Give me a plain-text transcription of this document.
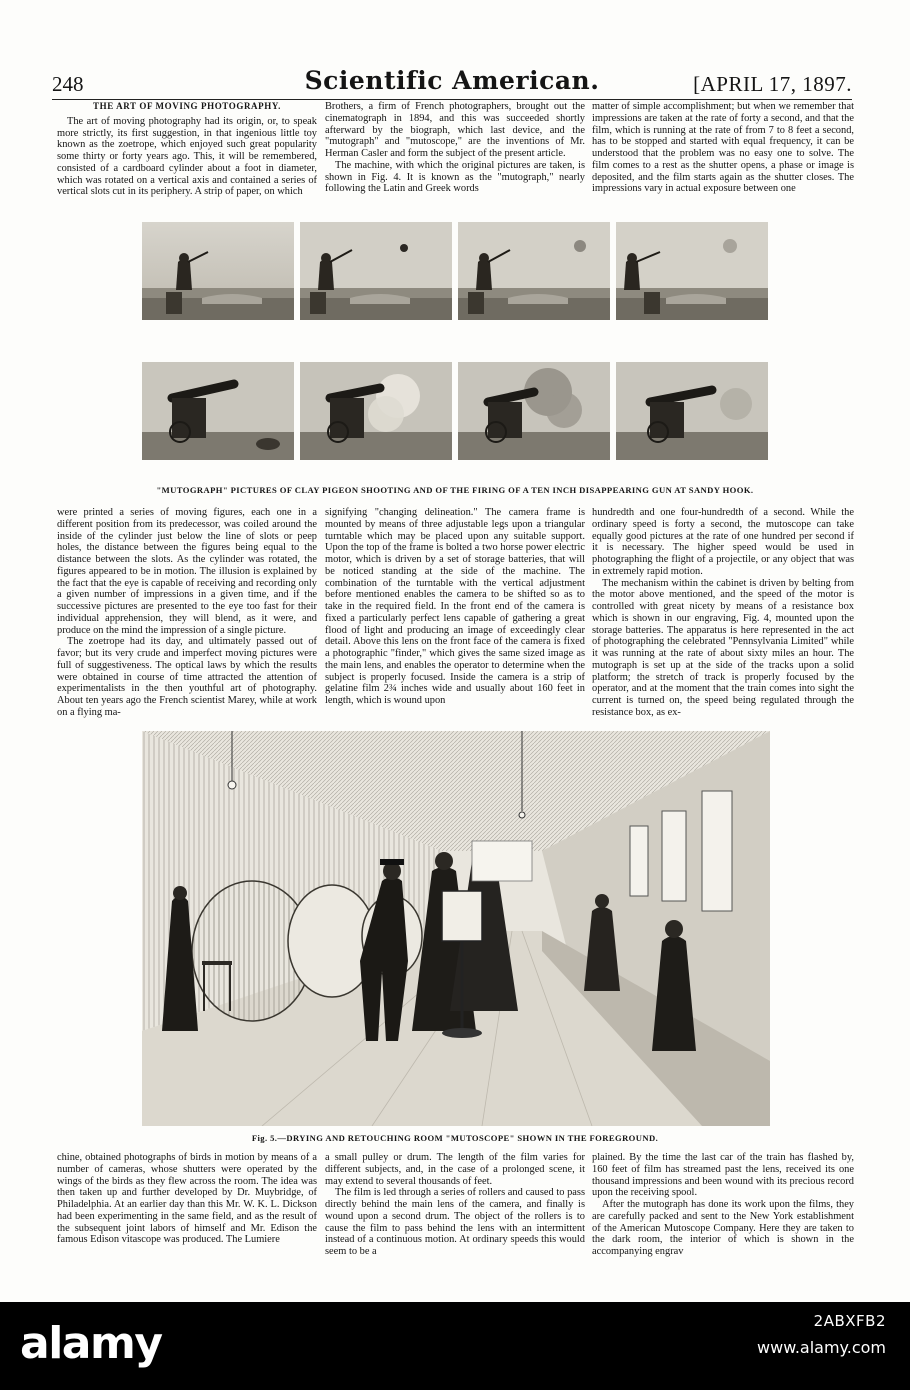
248	Scientific American.	[APRIL 17, 1897.
THE ART OF MOVING PHOTOGRAPHY.

The art of moving photography had its origin, or, to speak more strictly, its first suggestion, in that ingenious little toy known as the zoetrope, which enjoyed such great popularity some thirty or forty years ago. This, it will be remembered, consisted of a cardboard cylinder about a foot in diameter, which was rotated on a vertical axis and contained a series of vertical slots cut in its periphery. A strip of paper, on which

Brothers, a firm of French photographers, brought out the cinematograph in 1894, and this was succeeded shortly afterward by the biograph, which last device, and the "mutograph" and "mutoscope," are the inventions of Mr. Herman Casler and form the subject of the present article.

The machine, with which the original pictures are taken, is shown in Fig. 4. It is known as the "mutograph," nearly following the Latin and Greek words

matter of simple accomplishment; but when we remember that impressions are taken at the rate of forty a second, and that the film, which is running at the rate of from 7 to 8 feet a second, has to be stopped and started with equal frequency, it can be understood that the problem was no easy one to solve. The film comes to a rest as the shutter opens, a phase or image is deposited, and the film starts again as the shutter closes. The impressions vary in actual exposure between one

"MUTOGRAPH" PICTURES OF CLAY PIGEON SHOOTING AND OF THE FIRING OF A TEN INCH DISAPPEARING GUN AT SANDY HOOK.

were printed a series of moving figures, each one in a different position from its predecessor, was coiled around the inside of the cylinder just below the line of slots or peep holes, the distance between the figures being equal to the distance between the slots. As the cylinder was rotated, the figures appeared to be in motion. The illusion is explained by the fact that the eye is capable of receiving and recording only a given number of impressions in a given time, and if the successive pictures are presented to the eye too fast for their individual apprehension, they will blend, as it were, and produce on the mind the impression of a single picture.

The zoetrope had its day, and ultimately passed out of favor; but its very crude and imperfect moving pictures were full of suggestiveness. The optical laws by which the results were obtained in course of time attracted the attention of experimentalists in the then youthful art of photography. About ten years ago the French scientist Marey, while at work on a flying ma-

signifying "changing delineation." The camera frame is mounted by means of three adjustable legs upon a triangular turntable which may be placed upon any suitable support. Upon the top of the frame is bolted a two horse power electric motor, which is driven by a set of storage batteries, that will be noticed standing at the side of the machine. The combination of the turntable with the vertical adjustment before mentioned enables the camera to be shifted so as to take in the required field. In the front end of the camera is fixed a particularly perfect lens capable of gathering a great flood of light and producing an image of exceedingly clear detail. Above this lens on the front face of the camera is fixed a photographic "finder," which gives the same sized image as the main lens, and enables the operator to determine when the subject is properly focused. Inside the camera is a strip of gelatine film 2¾ inches wide and usually about 160 feet in length, which is wound upon

hundredth and one four-hundredth of a second. While the ordinary speed is forty a second, the mutoscope can take equally good pictures at the rate of one hundred per second if it is necessary. The higher speed would be used in photographing the flight of a projectile, or any object that was in extremely rapid motion.

The mechanism within the cabinet is driven by belting from the motor above mentioned, and the speed of the motor is controlled with great nicety by means of a resistance box which is shown in our engraving, Fig. 4, mounted upon the storage batteries. The apparatus is here represented in the act of photographing the celebrated "Pennsylvania Limited" while it was running at the rate of about sixty miles an hour. The mutograph is set up at the side of the tracks upon a solid platform; the stretch of track is properly focused by the operator, and at the moment that the train comes into sight the current is turned on, the speed being regulated through the resistance box, as ex-

Fig. 5.—DRYING AND RETOUCHING ROOM "MUTOSCOPE" SHOWN IN THE FOREGROUND.

chine, obtained photographs of birds in motion by means of a number of cameras, whose shutters were operated by the wings of the birds as they flew across the room. The idea was then taken up and further developed by Dr. Muybridge, of Philadelphia. At an earlier day than this Mr. W. K. L. Dickson had been experimenting in the same field, and as the result of the subsequent joint labors of himself and Mr. Edison the famous Edison vitascope was produced. The Lumiere

a small pulley or drum. The length of the film varies for different subjects, and, in the case of a prolonged scene, it may extend to several thousands of feet.

The film is led through a series of rollers and caused to pass directly behind the main lens of the camera, and finally is wound upon a second drum. The object of the rollers is to cause the film to pass behind the lens with an intermittent instead of a continuous motion. At ordinary speeds this would seem to be a

plained. By the time the last car of the train has flashed by, 160 feet of film has streamed past the lens, received its one thousand impressions and been wound with its precious record upon the receiving spool.

After the mutograph has done its work upon the films, they are carefully packed and sent to the New York establishment of the American Mutoscope Company. Here they are taken to the dark room, the interior of which is shown in the accompanying engrav

alamy	2ABXFB2
www.alamy.com
